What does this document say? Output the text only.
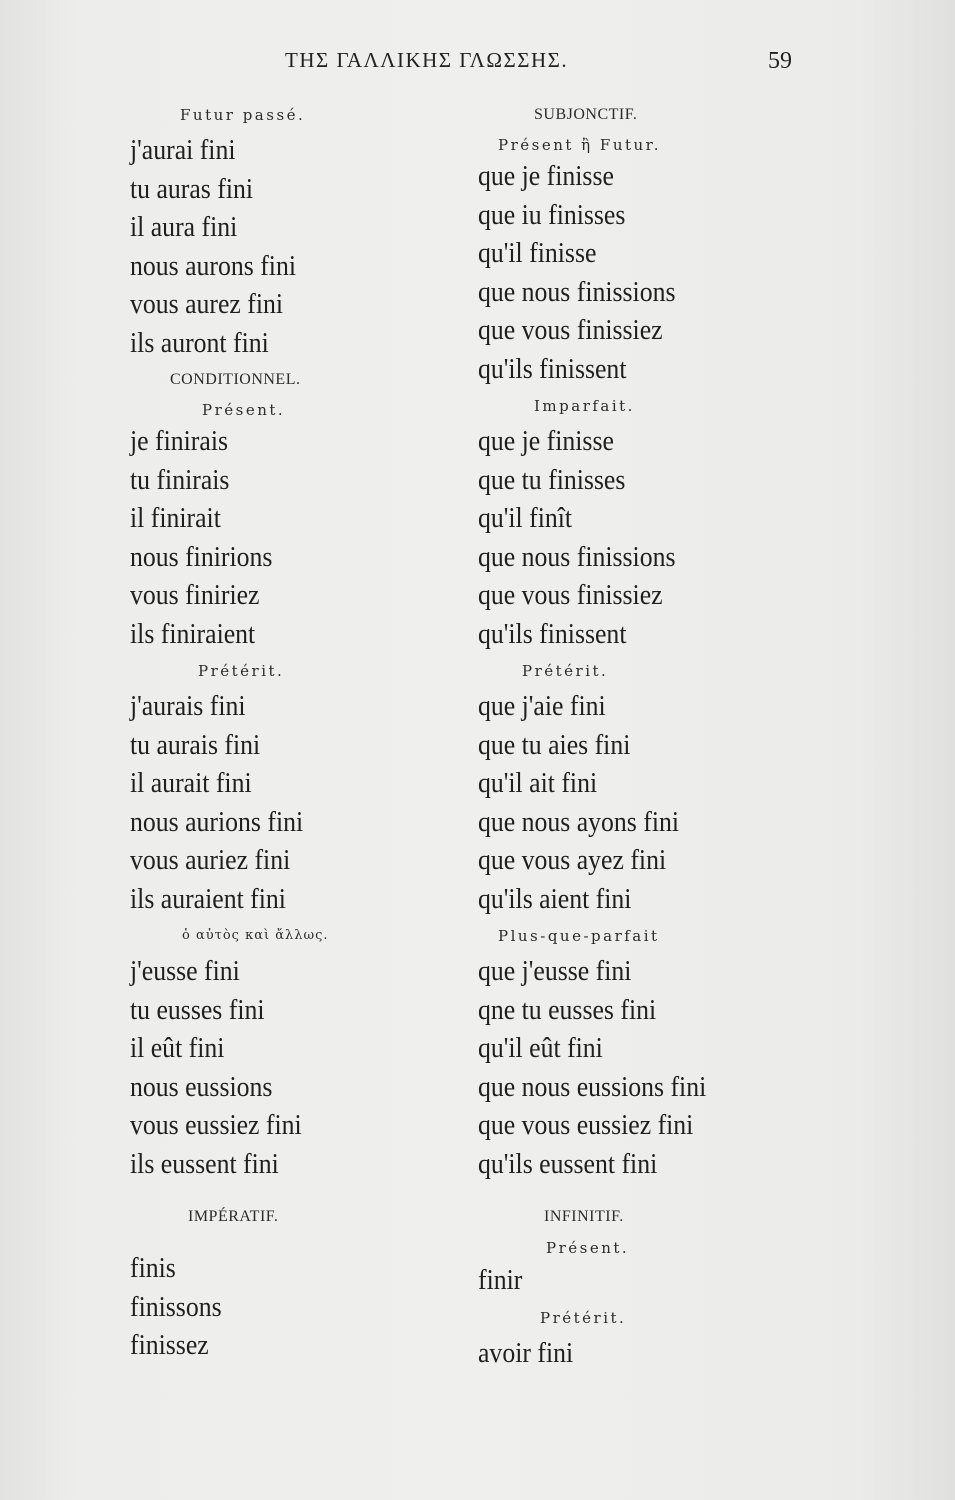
ΤΗΣ ΓΑΛΛΙΚΗΣ ΓΛΩΣΣΗΣ.	59
Futur passé.
j'aurai fini
tu auras fini
il aura fini
nous aurons fini
vous aurez fini
ils auront fini
CONDITIONNEL.
Présent.
je finirais
tu finirais
il finirait
nous finirions
vous finiriez
ils finiraient
Prétérit.
j'aurais fini
tu aurais fini
il aurait fini
nous aurions fini
vous auriez fini
ils auraient fini
ὁ αὐτὸς καὶ ἄλλως.
j'eusse fini
tu eusses fini
il eût fini
nous eussions
vous eussiez fini
ils eussent fini
IMPÉRATIF.
finis
finissons
finissez
SUBJONCTIF.
Présent ἢ Futur.
que je finisse
que iu finisses
qu'il finisse
que nous finissions
que vous finissiez
qu'ils finissent
Imparfait.
que je finisse
que tu finisses
qu'il finît
que nous finissions
que vous finissiez
qu'ils finissent
Prétérit.
que j'aie fini
que tu aies fini
qu'il ait fini
que nous ayons fini
que vous ayez fini
qu'ils aient fini
Plus-que-parfait
que j'eusse fini
qne tu eusses fini
qu'il eût fini
que nous eussions fini
que vous eussiez fini
qu'ils eussent fini
INFINITIF.
Présent.
finir
Prétérit.
avoir fini
